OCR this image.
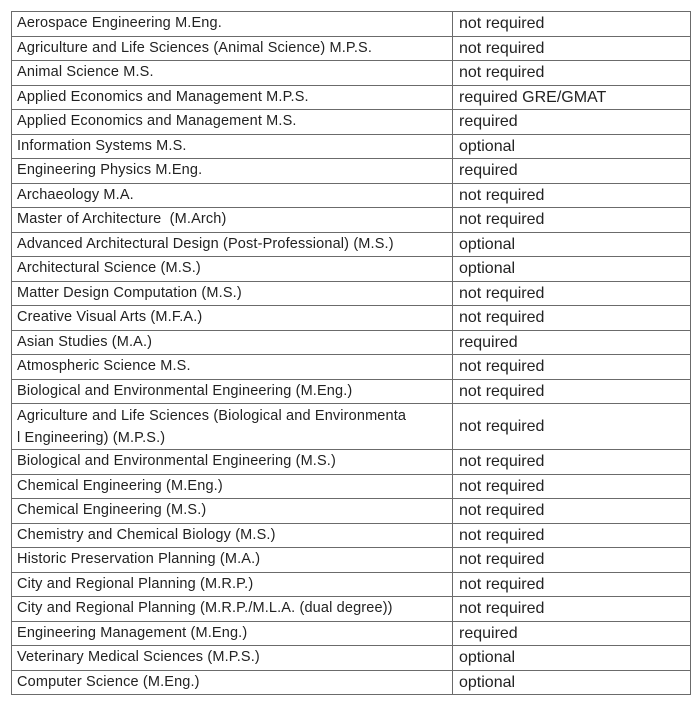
Aerospace Engineering M.Eng.	not required
Agriculture and Life Sciences (Animal Science) M.P.S.	not required
Animal Science M.S.	not required
Applied Economics and Management M.P.S.	required GRE/GMAT
Applied Economics and Management M.S.	required
Information Systems M.S.	optional
Engineering Physics M.Eng.	required
Archaeology M.A.	not required
Master of Architecture  (M.Arch)	not required
Advanced Architectural Design (Post-Professional) (M.S.)	optional
Architectural Science (M.S.)	optional
Matter Design Computation (M.S.)	not required
Creative Visual Arts (M.F.A.)	not required
Asian Studies (M.A.)	required
Atmospheric Science M.S.	not required
Biological and Environmental Engineering (M.Eng.)	not required
Agriculture and Life Sciences (Biological and Environmenta
l Engineering) (M.P.S.)	not required
Biological and Environmental Engineering (M.S.)	not required
Chemical Engineering (M.Eng.)	not required
Chemical Engineering (M.S.)	not required
Chemistry and Chemical Biology (M.S.)	not required
Historic Preservation Planning (M.A.)	not required
City and Regional Planning (M.R.P.)	not required
City and Regional Planning (M.R.P./M.L.A. (dual degree))	not required
Engineering Management (M.Eng.)	required
Veterinary Medical Sciences (M.P.S.)	optional
Computer Science (M.Eng.)	optional
